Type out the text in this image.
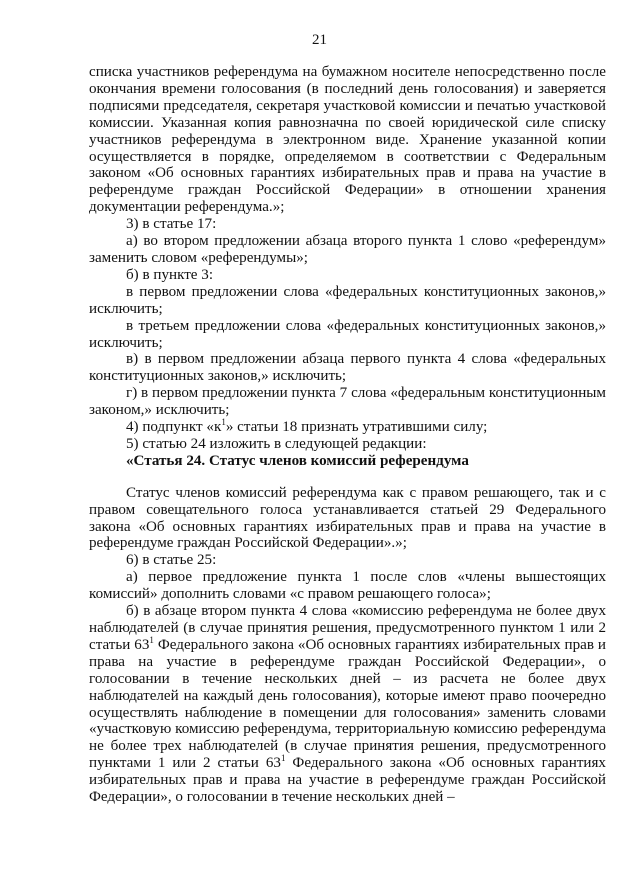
21

списка участников референдума на бумажном носителе непосредственно после окончания времени голосования (в последний день голосования) и заверяется подписями председателя, секретаря участковой комиссии и печатью участковой комиссии. Указанная копия равнозначна по своей юридической силе списку участников референдума в электронном виде. Хранение указанной копии осуществляется в порядке, определяемом в соответствии с Федеральным законом «Об основных гарантиях избирательных прав и права на участие в референдуме граждан Российской Федерации» в отношении хранения документации референдума.»;

3) в статье 17:

а) во втором предложении абзаца второго пункта 1 слово «референдум» заменить словом «референдумы»;

б) в пункте 3:

в первом предложении слова «федеральных конституционных законов,» исключить;

в третьем предложении слова «федеральных конституционных законов,» исключить;

в) в первом предложении абзаца первого пункта 4 слова «федеральных конституционных законов,» исключить;

г) в первом предложении пункта 7 слова «федеральным конституционным законом,» исключить;

4) подпункт «$к^1$» статьи 18 признать утратившими силу;

5) статью 24 изложить в следующей редакции:

«Статья 24. Статус членов комиссий референдума

Статус членов комиссий референдума как с правом решающего, так и с правом совещательного голоса устанавливается статьей 29 Федерального закона «Об основных гарантиях избирательных прав и права на участие в референдуме граждан Российской Федерации».»;

6) в статье 25:

а) первое предложение пункта 1 после слов «члены вышестоящих комиссий» дополнить словами «с правом решающего голоса»;

б) в абзаце втором пункта 4 слова «комиссию референдума не более двух наблюдателей (в случае принятия решения, предусмотренного пунктом 1 или 2 статьи $63^1$ Федерального закона «Об основных гарантиях избирательных прав и права на участие в референдуме граждан Российской Федерации», о голосовании в течение нескольких дней – из расчета не более двух наблюдателей на каждый день голосования), которые имеют право поочередно осуществлять наблюдение в помещении для голосования» заменить словами «участковую комиссию референдума, территориальную комиссию референдума не более трех наблюдателей (в случае принятия решения, предусмотренного пунктами 1 или 2 статьи $63^1$ Федерального закона «Об основных гарантиях избирательных прав и права на участие в референдуме граждан Российской Федерации», о голосовании в течение нескольких дней –
